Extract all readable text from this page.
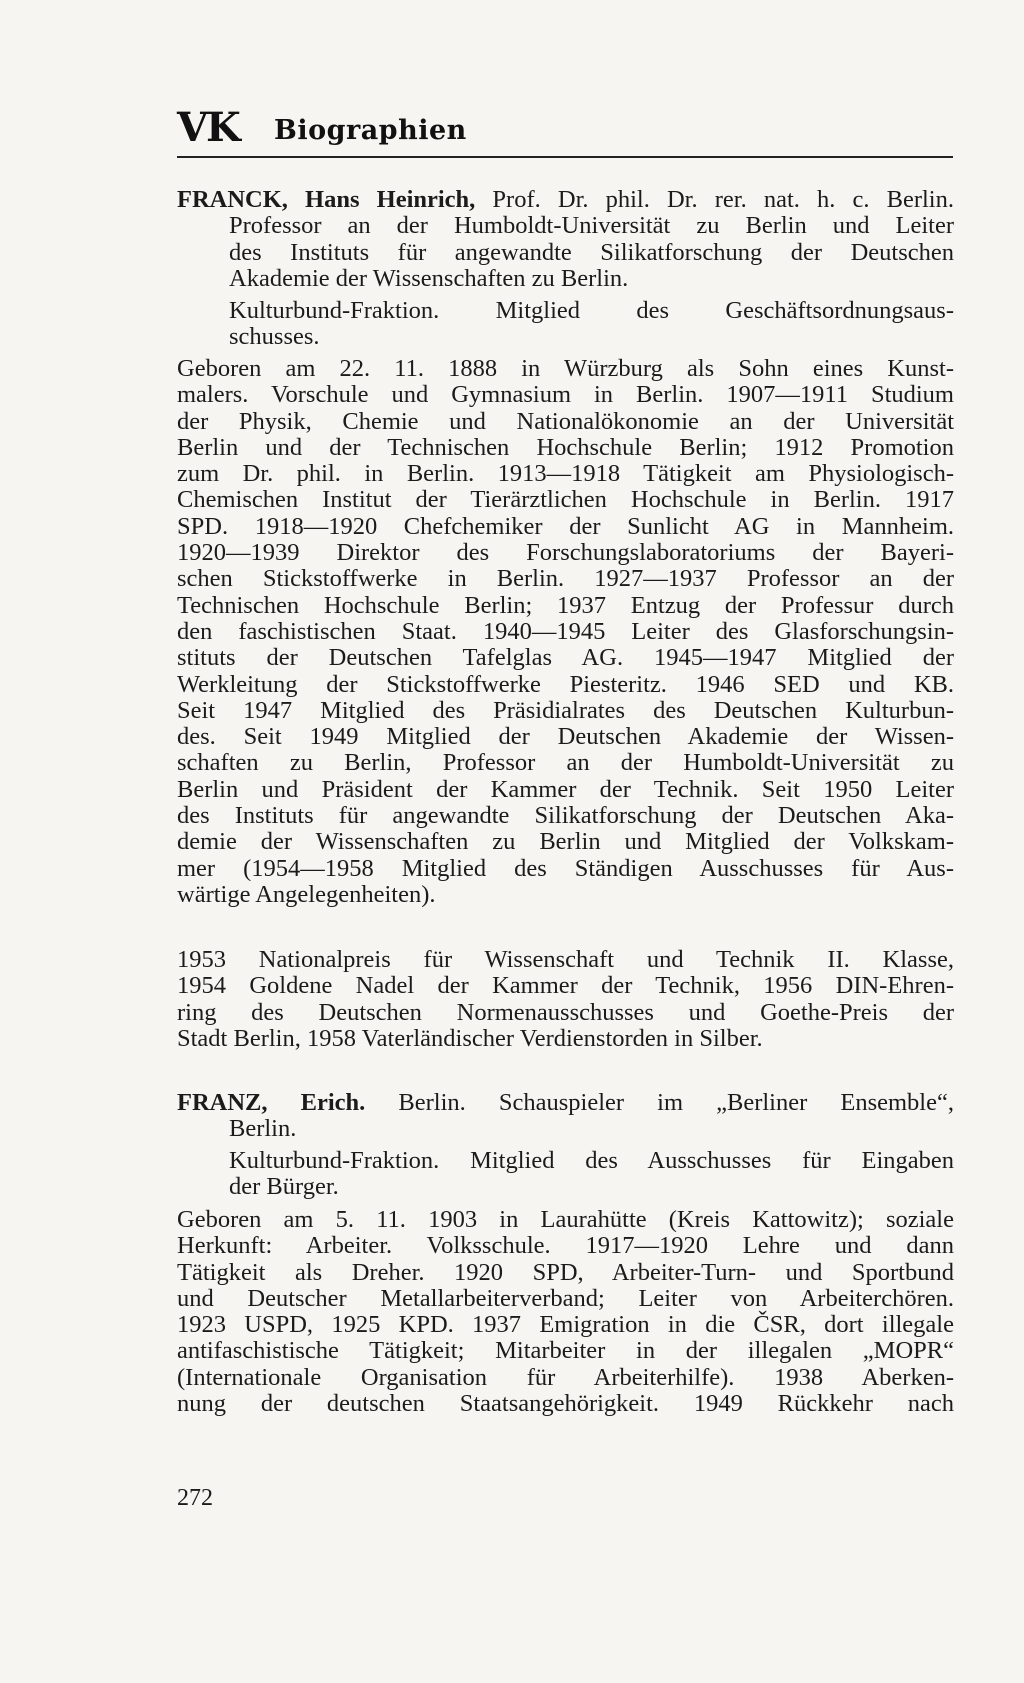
VK Biographien
FRANCK, Hans Heinrich, Prof. Dr. phil. Dr. rer. nat. h. c. Berlin.
Professor an der Humboldt-Universität zu Berlin und Leiter
des Instituts für angewandte Silikatforschung der Deutschen
Akademie der Wissenschaften zu Berlin.
Kulturbund-Fraktion. Mitglied des Geschäftsordnungsaus-
schusses.
Geboren am 22. 11. 1888 in Würzburg als Sohn eines Kunst-
malers. Vorschule und Gymnasium in Berlin. 1907—1911 Studium
der Physik, Chemie und Nationalökonomie an der Universität
Berlin und der Technischen Hochschule Berlin; 1912 Promotion
zum Dr. phil. in Berlin. 1913—1918 Tätigkeit am Physiologisch-
Chemischen Institut der Tierärztlichen Hochschule in Berlin. 1917
SPD. 1918—1920 Chefchemiker der Sunlicht AG in Mannheim.
1920—1939 Direktor des Forschungslaboratoriums der Bayeri-
schen Stickstoffwerke in Berlin. 1927—1937 Professor an der
Technischen Hochschule Berlin; 1937 Entzug der Professur durch
den faschistischen Staat. 1940—1945 Leiter des Glasforschungsin-
stituts der Deutschen Tafelglas AG. 1945—1947 Mitglied der
Werkleitung der Stickstoffwerke Piesteritz. 1946 SED und KB.
Seit 1947 Mitglied des Präsidialrates des Deutschen Kulturbun-
des. Seit 1949 Mitglied der Deutschen Akademie der Wissen-
schaften zu Berlin, Professor an der Humboldt-Universität zu
Berlin und Präsident der Kammer der Technik. Seit 1950 Leiter
des Instituts für angewandte Silikatforschung der Deutschen Aka-
demie der Wissenschaften zu Berlin und Mitglied der Volkskam-
mer (1954—1958 Mitglied des Ständigen Ausschusses für Aus-
wärtige Angelegenheiten).
1953 Nationalpreis für Wissenschaft und Technik II. Klasse,
1954 Goldene Nadel der Kammer der Technik, 1956 DIN-Ehren-
ring des Deutschen Normenausschusses und Goethe-Preis der
Stadt Berlin, 1958 Vaterländischer Verdienstorden in Silber.
FRANZ, Erich. Berlin. Schauspieler im „Berliner Ensemble“,
Berlin.
Kulturbund-Fraktion. Mitglied des Ausschusses für Eingaben
der Bürger.
Geboren am 5. 11. 1903 in Laurahütte (Kreis Kattowitz); soziale
Herkunft: Arbeiter. Volksschule. 1917—1920 Lehre und dann
Tätigkeit als Dreher. 1920 SPD, Arbeiter-Turn- und Sportbund
und Deutscher Metallarbeiterverband; Leiter von Arbeiterchören.
1923 USPD, 1925 KPD. 1937 Emigration in die ČSR, dort illegale
antifaschistische Tätigkeit; Mitarbeiter in der illegalen „MOPR“
(Internationale Organisation für Arbeiterhilfe). 1938 Aberken-
nung der deutschen Staatsangehörigkeit. 1949 Rückkehr nach
272
